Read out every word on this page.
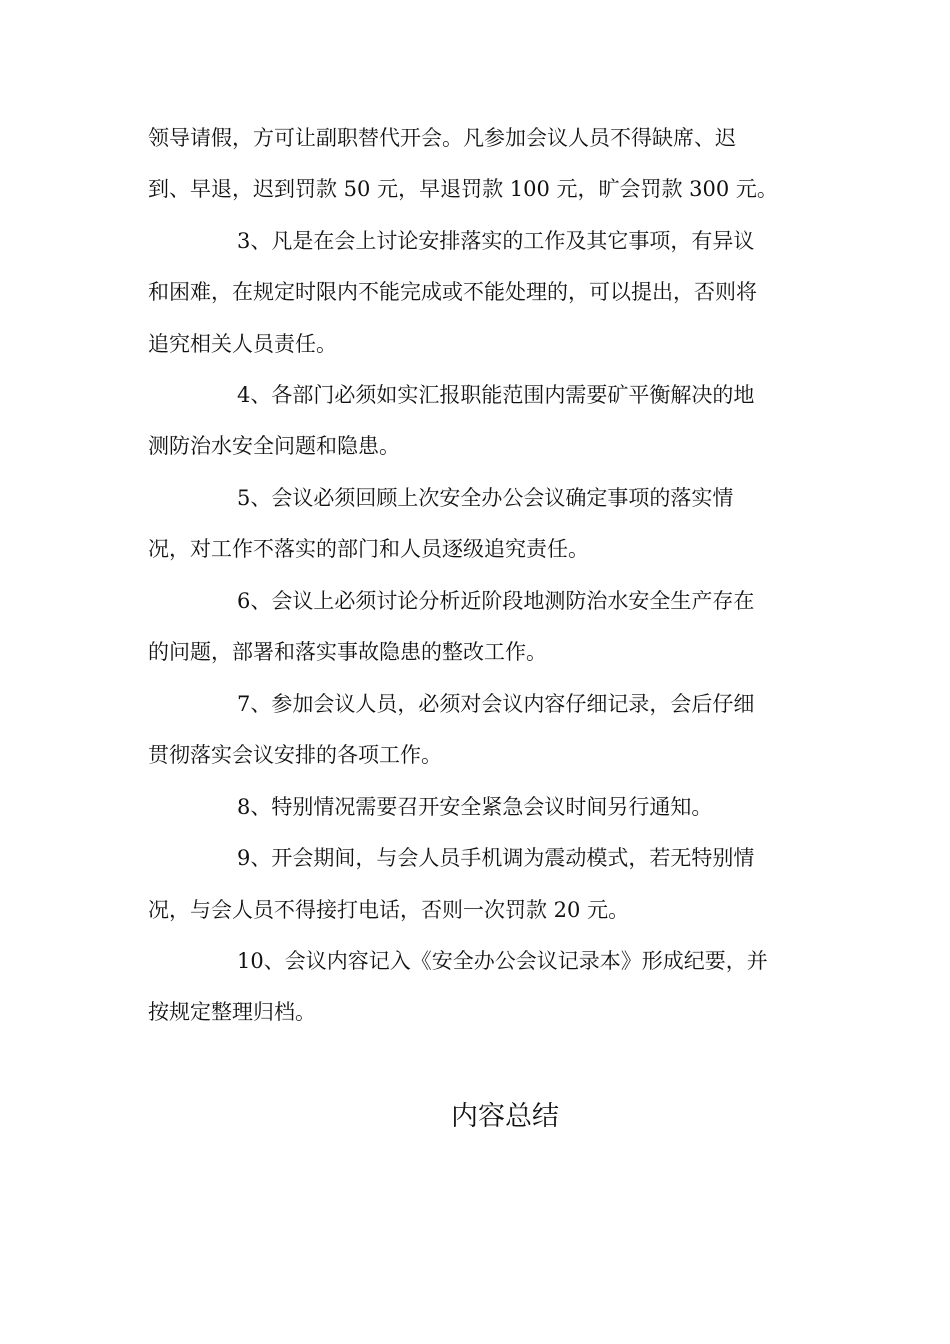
领导请假，方可让副职替代开会。凡参加会议人员不得缺席、迟
到、早退，迟到罚款 50 元，早退罚款 100 元，旷会罚款 300 元。
3、凡是在会上讨论安排落实的工作及其它事项，有异议
和困难，在规定时限内不能完成或不能处理的，可以提出，否则将
追究相关人员责任。
4、各部门必须如实汇报职能范围内需要矿平衡解决的地
测防治水安全问题和隐患。
5、会议必须回顾上次安全办公会议确定事项的落实情
况，对工作不落实的部门和人员逐级追究责任。
6、会议上必须讨论分析近阶段地测防治水安全生产存在
的问题，部署和落实事故隐患的整改工作。
7、参加会议人员，必须对会议内容仔细记录，会后仔细
贯彻落实会议安排的各项工作。
8、特别情况需要召开安全紧急会议时间另行通知。
9、开会期间，与会人员手机调为震动模式，若无特别情
况，与会人员不得接打电话，否则一次罚款 20 元。
10、会议内容记入《安全办公会议记录本》形成纪要，并
按规定整理归档。
内容总结
